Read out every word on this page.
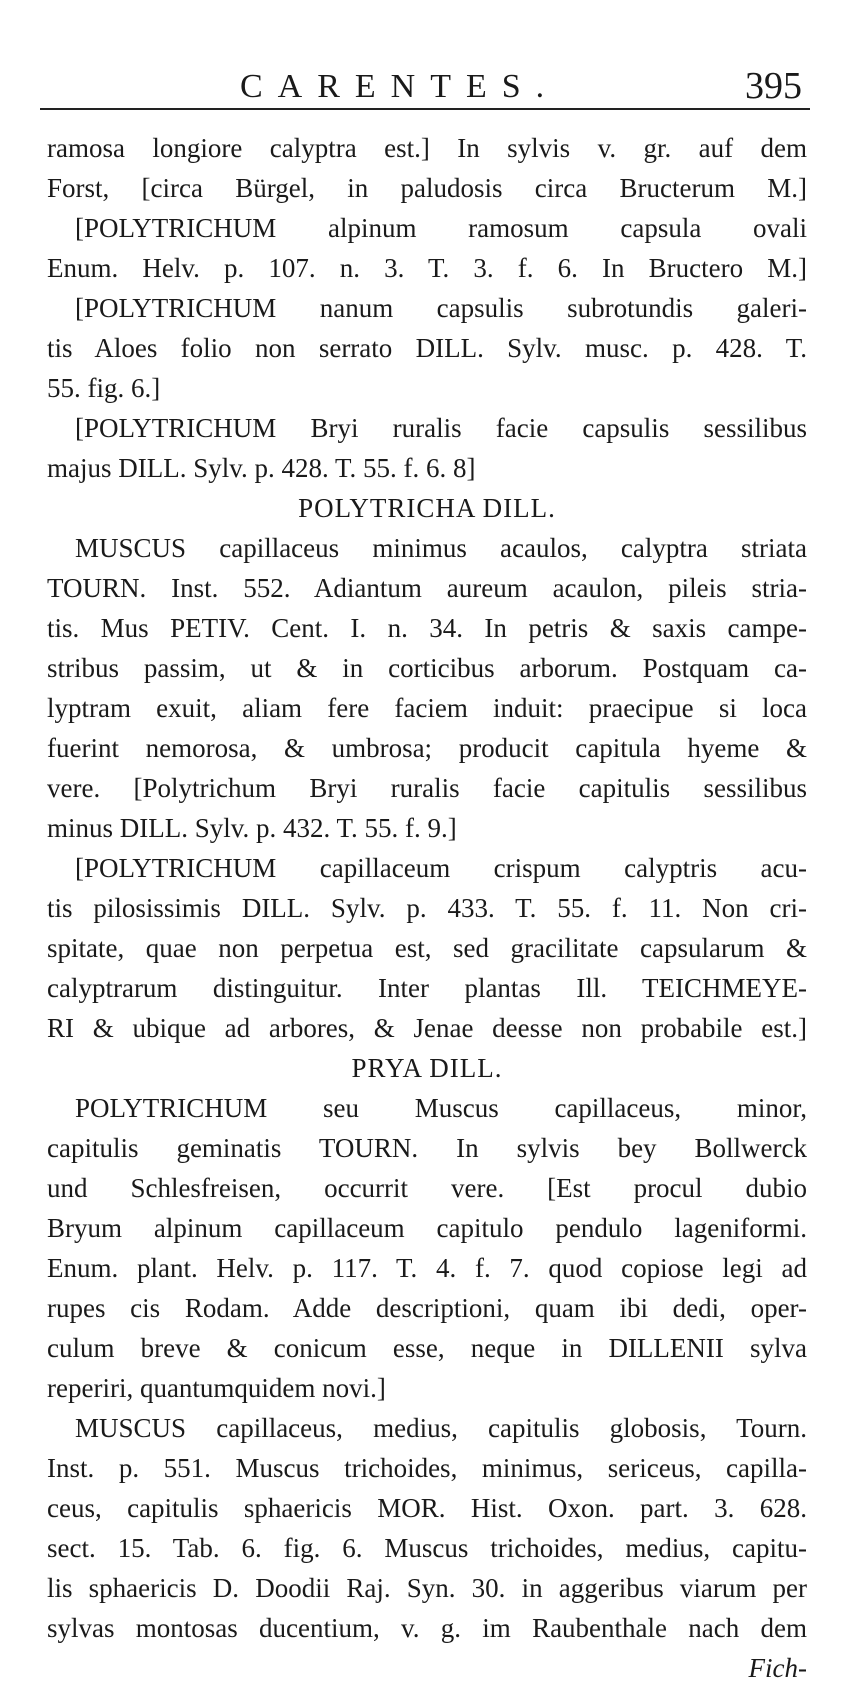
CARENTES.	395
ramosa longiore calyptra est.] In sylvis v. gr. auf dem
Forst, [circa Bürgel, in paludosis circa Bructerum M.]
[POLYTRICHUM alpinum ramosum capsula ovali
Enum. Helv. p. 107. n. 3. T. 3. f. 6. In Bructero M.]
[POLYTRICHUM nanum capsulis subrotundis galeri-
tis Aloes folio non serrato DILL. Sylv. musc. p. 428. T.
55. fig. 6.]
[POLYTRICHUM Bryi ruralis facie capsulis sessilibus
majus DILL. Sylv. p. 428. T. 55. f. 6. 8]
POLYTRICHA DILL.
MUSCUS capillaceus minimus acaulos, calyptra striata
TOURN. Inst. 552. Adiantum aureum acaulon, pileis stria-
tis. Mus PETIV. Cent. I. n. 34. In petris & saxis campe-
stribus passim, ut & in corticibus arborum. Postquam ca-
lyptram exuit, aliam fere faciem induit: praecipue si loca
fuerint nemorosa, & umbrosa; producit capitula hyeme &
vere. [Polytrichum Bryi ruralis facie capitulis sessilibus
minus DILL. Sylv. p. 432. T. 55. f. 9.]
[POLYTRICHUM capillaceum crispum calyptris acu-
tis pilosissimis DILL. Sylv. p. 433. T. 55. f. 11. Non cri-
spitate, quae non perpetua est, sed gracilitate capsularum &
calyptrarum distinguitur. Inter plantas Ill. TEICHMEYE-
RI & ubique ad arbores, & Jenae deesse non probabile est.]
PRYA DILL.
POLYTRICHUM seu Muscus capillaceus, minor,
capitulis geminatis TOURN. In sylvis bey Bollwerck
und Schlesfreisen, occurrit vere. [Est procul dubio
Bryum alpinum capillaceum capitulo pendulo lageniformi.
Enum. plant. Helv. p. 117. T. 4. f. 7. quod copiose legi ad
rupes cis Rodam. Adde descriptioni, quam ibi dedi, oper-
culum breve & conicum esse, neque in DILLENII sylva
reperiri, quantumquidem novi.]
MUSCUS capillaceus, medius, capitulis globosis, Tourn.
Inst. p. 551. Muscus trichoides, minimus, sericeus, capilla-
ceus, capitulis sphaericis MOR. Hist. Oxon. part. 3. 628.
sect. 15. Tab. 6. fig. 6. Muscus trichoides, medius, capitu-
lis sphaericis D. Doodii Raj. Syn. 30. in aggeribus viarum per
sylvas montosas ducentium, v. g. im Raubenthale nach dem
Fich-
